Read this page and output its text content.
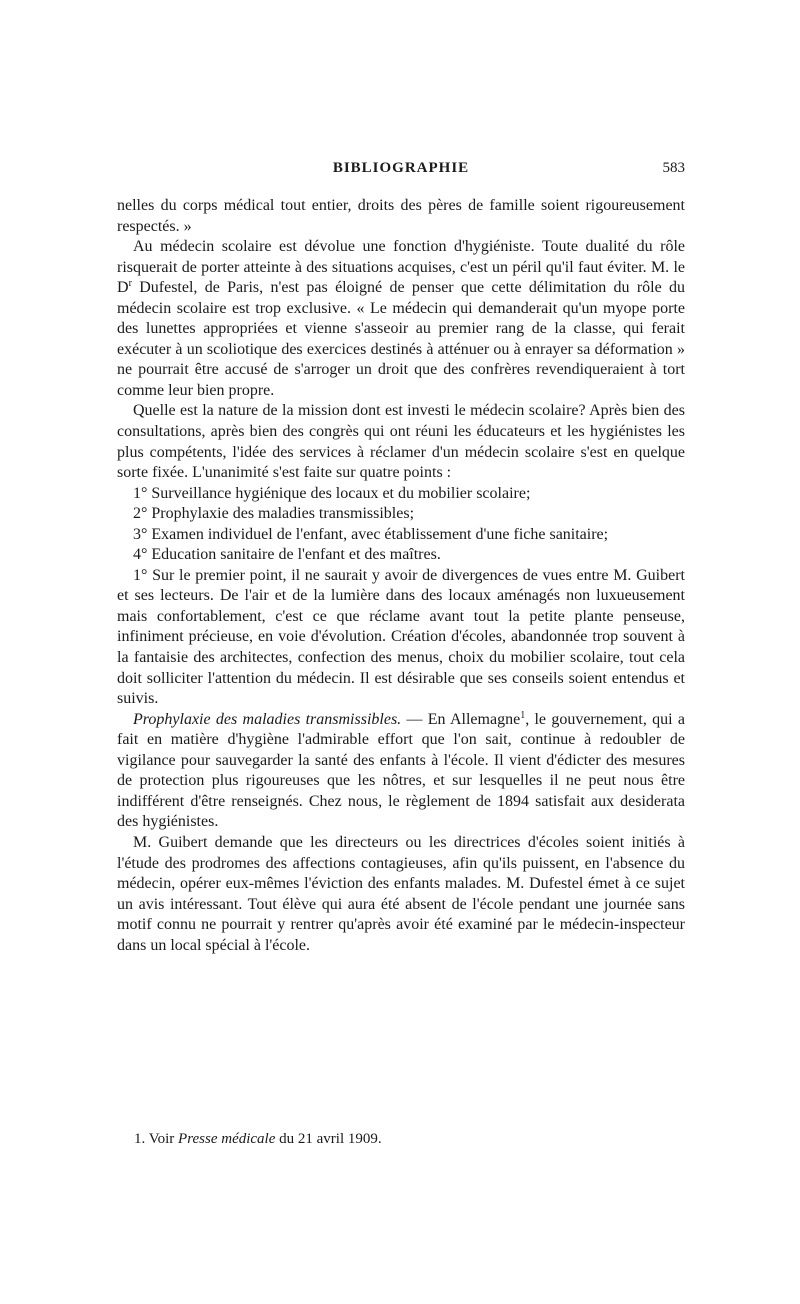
BIBLIOGRAPHIE	583

nelles du corps médical tout entier, droits des pères de famille soient rigoureusement respectés. »

Au médecin scolaire est dévolue une fonction d'hygiéniste. Toute dualité du rôle risquerait de porter atteinte à des situations acquises, c'est un péril qu'il faut éviter. M. le $D^r$ Dufestel, de Paris, n'est pas éloigné de penser que cette délimitation du rôle du médecin scolaire est trop exclusive. « Le médecin qui demanderait qu'un myope porte des lunettes appropriées et vienne s'asseoir au premier rang de la classe, qui ferait exécuter à un scoliotique des exercices destinés à atténuer ou à enrayer sa déformation » ne pourrait être accusé de s'arroger un droit que des confrères revendiqueraient à tort comme leur bien propre.

Quelle est la nature de la mission dont est investi le médecin scolaire? Après bien des consultations, après bien des congrès qui ont réuni les éducateurs et les hygiénistes les plus compétents, l'idée des services à réclamer d'un médecin scolaire s'est en quelque sorte fixée. L'unanimité s'est faite sur quatre points :

1° Surveillance hygiénique des locaux et du mobilier scolaire;

2° Prophylaxie des maladies transmissibles;

3° Examen individuel de l'enfant, avec établissement d'une fiche sanitaire;

4° Education sanitaire de l'enfant et des maîtres.

1° Sur le premier point, il ne saurait y avoir de divergences de vues entre M. Guibert et ses lecteurs. De l'air et de la lumière dans des locaux aménagés non luxueusement mais confortablement, c'est ce que réclame avant tout la petite plante penseuse, infiniment précieuse, en voie d'évolution. Création d'écoles, abandonnée trop souvent à la fantaisie des architectes, confection des menus, choix du mobilier scolaire, tout cela doit solliciter l'attention du médecin. Il est désirable que ses conseils soient entendus et suivis.

Prophylaxie des maladies transmissibles. — En Allemagne$^1$, le gouvernement, qui a fait en matière d'hygiène l'admirable effort que l'on sait, continue à redoubler de vigilance pour sauvegarder la santé des enfants à l'école. Il vient d'édicter des mesures de protection plus rigoureuses que les nôtres, et sur lesquelles il ne peut nous être indifférent d'être renseignés. Chez nous, le règlement de 1894 satisfait aux desiderata des hygiénistes.

M. Guibert demande que les directeurs ou les directrices d'écoles soient initiés à l'étude des prodromes des affections contagieuses, afin qu'ils puissent, en l'absence du médecin, opérer eux-mêmes l'éviction des enfants malades. M. Dufestel émet à ce sujet un avis intéressant. Tout élève qui aura été absent de l'école pendant une journée sans motif connu ne pourrait y rentrer qu'après avoir été examiné par le médecin-inspecteur dans un local spécial à l'école.

1. Voir Presse médicale du 21 avril 1909.
